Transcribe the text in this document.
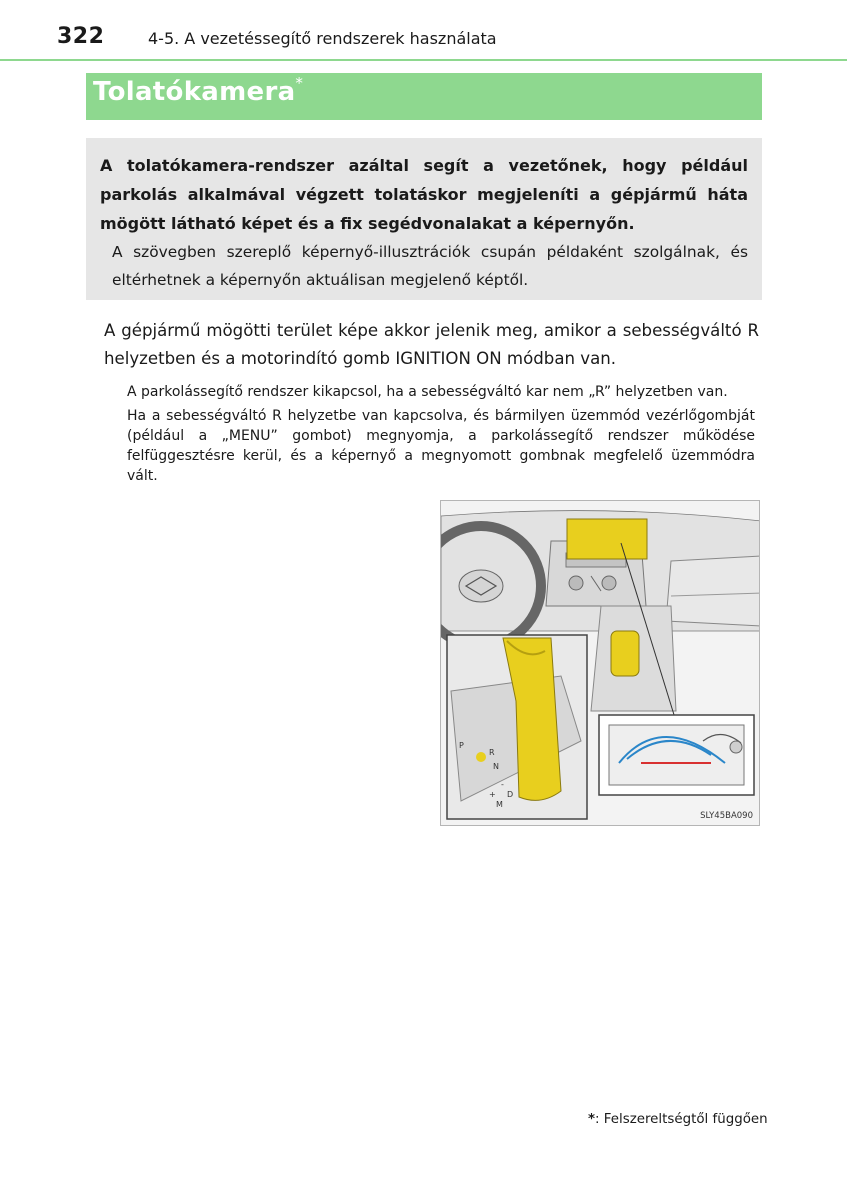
322	4-5. A vezetéssegítő rendszerek használata
Tolatókamera*
A tolatókamera-rendszer azáltal segít a vezetőnek, hogy például parkolás alkalmával végzett tolatáskor megjeleníti a gépjármű háta mögött látható képet és a fix segédvonalakat a képernyőn.
A szövegben szereplő képernyő-illusztrációk csupán példaként szolgálnak, és eltérhetnek a képernyőn aktuálisan megjelenő képtől.
A gépjármű mögötti terület képe akkor jelenik meg, amikor a sebességváltó R helyzetben és a motorindító gomb IGNITION ON módban van.
A parkolássegítő rendszer kikapcsol, ha a sebességváltó kar nem „R” helyzetben van.
Ha a sebességváltó R helyzetbe van kapcsolva, és bármilyen üzemmód vezérlőgombját (például a „MENU” gombot) megnyomja, a parkolássegítő rendszer működése felfüggesztésre kerül, és a képernyő a megnyomott gombnak megfelelő üzemmódra vált.
P
R
N
D
M
+
-
SLY45BA090
*: Felszereltségtől függően
